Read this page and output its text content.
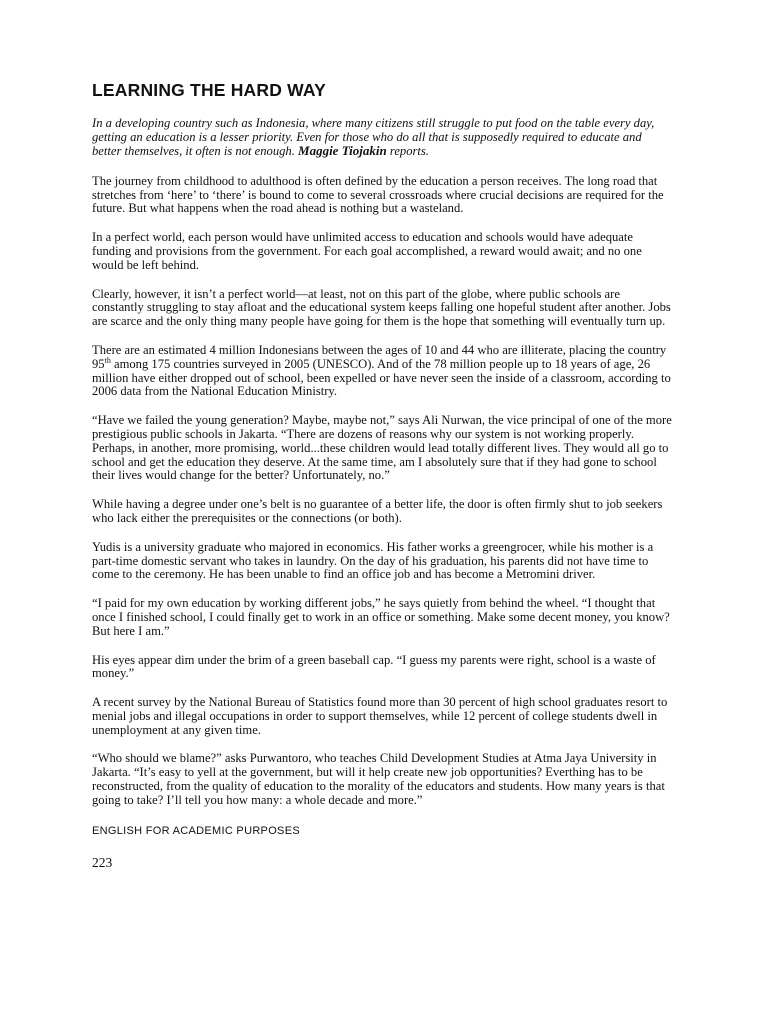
LEARNING THE HARD WAY

In a developing country such as Indonesia, where many citizens still struggle to put food on the table every day, getting an education is a lesser priority. Even for those who do all that is supposedly required to educate and better themselves, it often is not enough. Maggie Tiojakin reports.

The journey from childhood to adulthood is often defined by the education a person receives. The long road that stretches from ‘here’ to ‘there’ is bound to come to several crossroads where crucial decisions are required for the future. But what happens when the road ahead is nothing but a wasteland.

In a perfect world, each person would have unlimited access to education and schools would have adequate funding and provisions from the government. For each goal accomplished, a reward would await; and no one would be left behind.

Clearly, however, it isn’t a perfect world—at least, not on this part of the globe, where public schools are constantly struggling to stay afloat and the educational system keeps falling one hopeful student after another. Jobs are scarce and the only thing many people have going for them is the hope that something will eventually turn up.

There are an estimated 4 million Indonesians between the ages of 10 and 44 who are illiterate, placing the country 95th among 175 countries surveyed in 2005 (UNESCO). And of the 78 million people up to 18 years of age, 26 million have either dropped out of school, been expelled or have never seen the inside of a classroom, according to 2006 data from the National Education Ministry.

“Have we failed the young generation? Maybe, maybe not,” says Ali Nurwan, the vice principal of one of the more prestigious public schools in Jakarta. “There are dozens of reasons why our system is not working properly. Perhaps, in another, more promising, world...these children would lead totally different lives. They would all go to school and get the education they deserve. At the same time, am I absolutely sure that if they had gone to school their lives would change for the better? Unfortunately, no.”

While having a degree under one’s belt is no guarantee of a better life, the door is often firmly shut to job seekers who lack either the prerequisites or the connections (or both).

Yudis is a university graduate who majored in economics. His father works a greengrocer, while his mother is a part-time domestic servant who takes in laundry. On the day of his graduation, his parents did not have time to come to the ceremony. He has been unable to find an office job and has become a Metromini driver.

“I paid for my own education by working different jobs,” he says quietly from behind the wheel. “I thought that once I finished school, I could finally get to work in an office or something. Make some decent money, you know? But here I am.”

His eyes appear dim under the brim of a green baseball cap. “I guess my parents were right, school is a waste of money.”

A recent survey by the National Bureau of Statistics found more than 30 percent of high school graduates resort to menial jobs and illegal occupations in order to support themselves, while 12 percent of college students dwell in unemployment at any given time.

“Who should we blame?” asks Purwantoro, who teaches Child Development Studies at Atma Jaya University in Jakarta. “It’s easy to yell at the government, but will it help create new job opportunities? Everthing has to be reconstructed, from the quality of education to the morality of the educators and students. How many years is that going to take? I’ll tell you how many: a whole decade and more.”

ENGLISH FOR ACADEMIC PURPOSES
223
